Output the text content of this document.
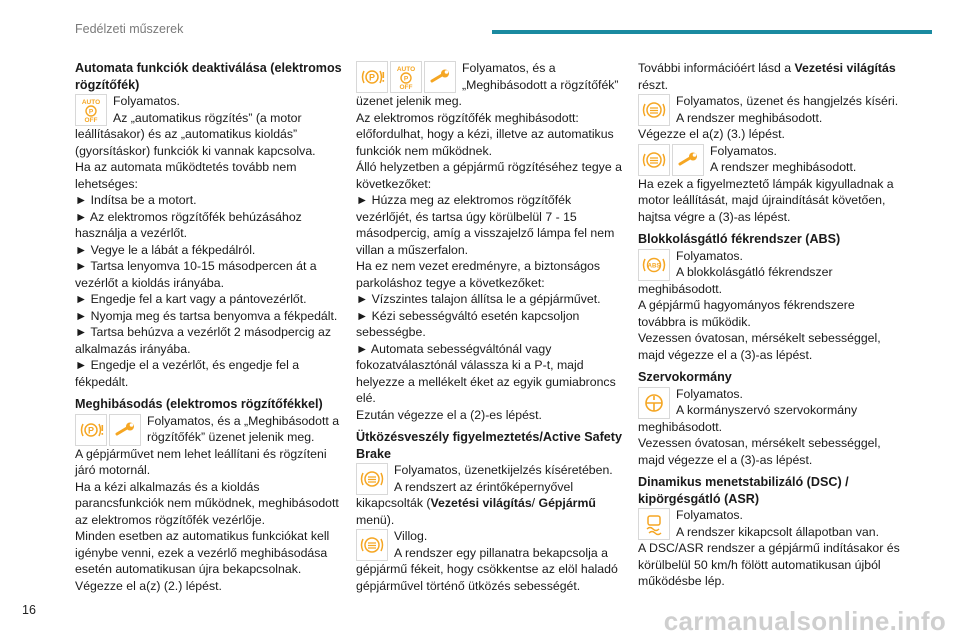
Fedélzeti műszerek
Automata funkciók deaktiválása (elektromos rögzítőfék)
AUTO
P
OFF
Folyamatos.
Az „automatikus rögzítés” (a motor leállításakor) és az „automatikus kioldás” (gyorsításkor) funkciók ki vannak kapcsolva.
Ha az automata működtetés tovább nem lehetséges:
► Indítsa be a motort.
► Az elektromos rögzítőfék behúzásához használja a vezérlőt.
► Vegye le a lábát a fékpedálról.
► Tartsa lenyomva 10-15 másodpercen át a vezérlőt a kioldás irányába.
► Engedje fel a kart vagy a pántovezérlőt.
► Nyomja meg és tartsa benyomva a fékpedált.
► Tartsa behúzva a vezérlőt 2 másodpercig az alkalmazás irányába.
► Engedje el a vezérlőt, és engedje fel a fékpedált.
Meghibásodás (elektromos rögzítőfékkel)
P
Folyamatos, és a „Meghibásodott a rögzítőfék” üzenet jelenik meg.
A gépjárművet nem lehet leállítani és rögzíteni járó motornál.
Ha a kézi alkalmazás és a kioldás parancsfunkciók nem működnek, meghibásodott az elektromos rögzítőfék vezérlője.
Minden esetben az automatikus funkciókat kell igénybe venni, ezek a vezérlő meghibásodása esetén automatikusan újra bekapcsolnak.
Végezze el a(z) (2.) lépést.
P
AUTO
P
OFF
Folyamatos, és a „Meghibásodott a rögzítőfék” üzenet jelenik meg.
Az elektromos rögzítőfék meghibásodott: előfordulhat, hogy a kézi, illetve az automatikus funkciók nem működnek.
Álló helyzetben a gépjármű rögzítéséhez tegye a következőket:
► Húzza meg az elektromos rögzítőfék vezérlőjét, és tartsa úgy körülbelül 7 - 15 másodpercig, amíg a visszajelző lámpa fel nem villan a műszerfalon.
Ha ez nem vezet eredményre, a biztonságos parkoláshoz tegye a következőket:
► Vízszintes talajon állítsa le a gépjárművet.
► Kézi sebességváltó esetén kapcsoljon sebességbe.
► Automata sebességváltónál vagy fokozatválasztónál válassza ki a P-t, majd helyezze a mellékelt éket az egyik gumiabroncs elé.
Ezután végezze el a (2)-es lépést.
Ütközésveszély figyelmeztetés/Active Safety Brake
Folyamatos, üzenetkijelzés kíséretében.
A rendszert az érintőképernyővel kikapcsolták (Vezetési világítás/ Gépjármű menü).
Villog.
A rendszer egy pillanatra bekapcsolja a gépjármű fékeit, hogy csökkentse az elöl haladó gépjárművel történő ütközés sebességét.
További információért lásd a Vezetési világítás részt.
Folyamatos, üzenet és hangjelzés kíséri.
A rendszer meghibásodott.
Végezze el a(z) (3.) lépést.
Folyamatos.
A rendszer meghibásodott.
Ha ezek a figyelmeztető lámpák kigyulladnak a motor leállítását, majd újraindítását követően, hajtsa végre a (3)-as lépést.
Blokkolásgátló fékrendszer (ABS)
ABS
Folyamatos.
A blokkolásgátló fékrendszer meghibásodott.
A gépjármű hagyományos fékrendszere továbbra is működik.
Vezessen óvatosan, mérsékelt sebességgel, majd végezze el a (3)-as lépést.
Szervokormány
Folyamatos.
A kormányszervó szervokormány meghibásodott.
Vezessen óvatosan, mérsékelt sebességgel, majd végezze el a (3)-as lépést.
Dinamikus menetstabilizáló (DSC) / kipörgésgátló (ASR)
Folyamatos.
A rendszer kikapcsolt állapotban van.
A DSC/ASR rendszer a gépjármű indításakor és körülbelül 50 km/h fölött automatikusan újból működésbe lép.
16	carmanualsonline.info
